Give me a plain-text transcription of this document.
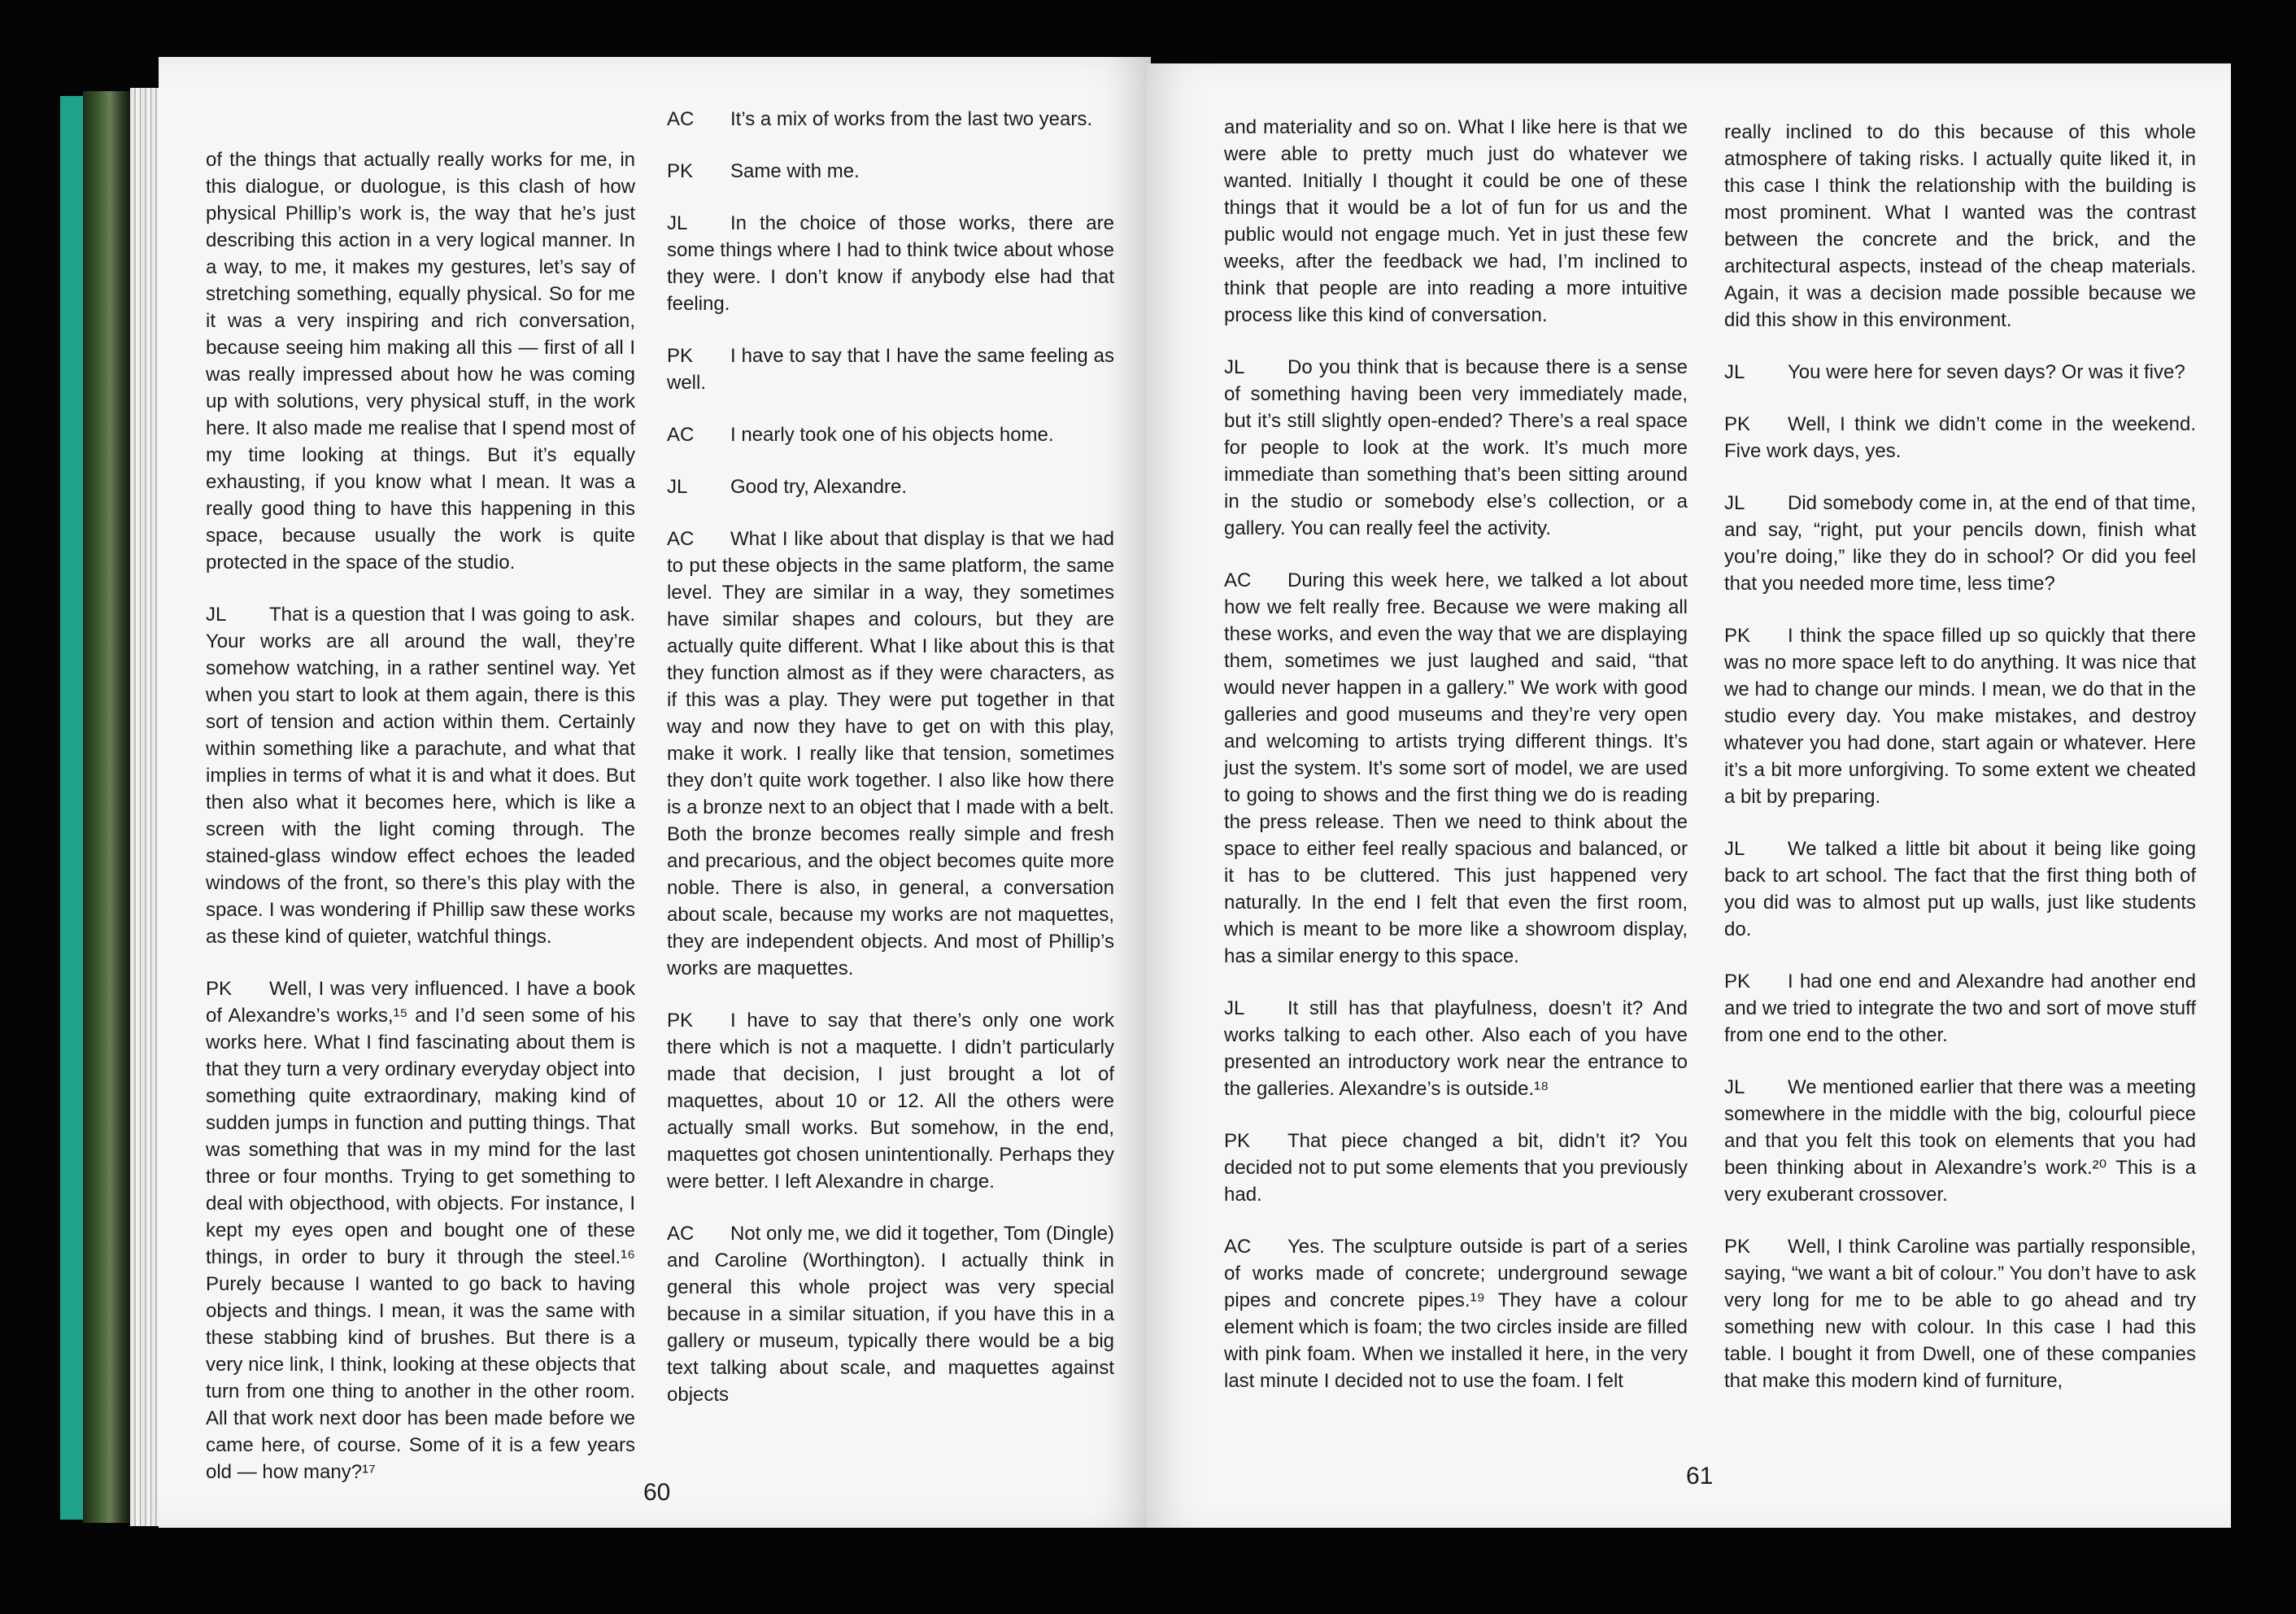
of the things that actually really works for me, in this dialogue, or duologue, is this clash of how physical Phillip’s work is, the way that he’s just describing this action in a very logical manner. In a way, to me, it makes my gestures, let’s say of stretching something, equally physical. So for me it was a very inspiring and rich conversation, because seeing him making all this — first of all I was really impressed about how he was coming up with solutions, very physical stuff, in the work here. It also made me realise that I spend most of my time looking at things. But it’s equally exhausting, if you know what I mean. It was a really good thing to have this happening in this space, because usually the work is quite protected in the space of the studio.

JL That is a question that I was going to ask. Your works are all around the wall, they’re somehow watching, in a rather sentinel way. Yet when you start to look at them again, there is this sort of tension and action within them. Certainly within something like a parachute, and what that implies in terms of what it is and what it does. But then also what it becomes here, which is like a screen with the light coming through. The stained-glass window effect echoes the leaded windows of the front, so there’s this play with the space. I was wondering if Phillip saw these works as these kind of quieter, watchful things.

PK Well, I was very influenced. I have a book of Alexandre’s works,¹⁵ and I’d seen some of his works here. What I find fascinating about them is that they turn a very ordinary everyday object into something quite extraordinary, making kind of sudden jumps in function and putting things. That was something that was in my mind for the last three or four months. Trying to get something to deal with objecthood, with objects. For instance, I kept my eyes open and bought one of these things, in order to bury it through the steel.¹⁶ Purely because I wanted to go back to having objects and things. I mean, it was the same with these stabbing kind of brushes. But there is a very nice link, I think, looking at these objects that turn from one thing to another in the other room. All that work next door has been made before we came here, of course. Some of it is a few years old — how many?¹⁷

AC It’s a mix of works from the last two years.

PK Same with me.

JL In the choice of those works, there are some things where I had to think twice about whose they were. I don’t know if anybody else had that feeling.

PK I have to say that I have the same feeling as well.

AC I nearly took one of his objects home.

JL Good try, Alexandre.

AC What I like about that display is that we had to put these objects in the same platform, the same level. They are similar in a way, they sometimes have similar shapes and colours, but they are actually quite different. What I like about this is that they function almost as if they were characters, as if this was a play. They were put together in that way and now they have to get on with this play, make it work. I really like that tension, sometimes they don’t quite work together. I also like how there is a bronze next to an object that I made with a belt. Both the bronze becomes really simple and fresh and precarious, and the object becomes quite more noble. There is also, in general, a conversation about scale, because my works are not maquettes, they are independent objects. And most of Phillip’s works are maquettes.

PK I have to say that there’s only one work there which is not a maquette. I didn’t particularly made that decision, I just brought a lot of maquettes, about 10 or 12. All the others were actually small works. But somehow, in the end, maquettes got chosen unintentionally. Perhaps they were better. I left Alexandre in charge.

AC Not only me, we did it together, Tom (Dingle) and Caroline (Worthington). I actually think in general this whole project was very special because in a similar situation, if you have this in a gallery or museum, typically there would be a big text talking about scale, and maquettes against objects

60

and materiality and so on. What I like here is that we were able to pretty much just do whatever we wanted. Initially I thought it could be one of these things that it would be a lot of fun for us and the public would not engage much. Yet in just these few weeks, after the feedback we had, I’m inclined to think that people are into reading a more intuitive process like this kind of conversation.

JL Do you think that is because there is a sense of something having been very immediately made, but it’s still slightly open-ended? There’s a real space for people to look at the work. It’s much more immediate than something that’s been sitting around in the studio or somebody else’s collection, or a gallery. You can really feel the activity.

AC During this week here, we talked a lot about how we felt really free. Because we were making all these works, and even the way that we are displaying them, sometimes we just laughed and said, “that would never happen in a gallery.” We work with good galleries and good museums and they’re very open and welcoming to artists trying different things. It’s just the system. It’s some sort of model, we are used to going to shows and the first thing we do is reading the press release. Then we need to think about the space to either feel really spacious and balanced, or it has to be cluttered. This just happened very naturally. In the end I felt that even the first room, which is meant to be more like a showroom display, has a similar energy to this space.

JL It still has that playfulness, doesn’t it? And works talking to each other. Also each of you have presented an introductory work near the entrance to the galleries. Alexandre’s is outside.¹⁸

PK That piece changed a bit, didn’t it? You decided not to put some elements that you previously had.

AC Yes. The sculpture outside is part of a series of works made of concrete; underground sewage pipes and concrete pipes.¹⁹ They have a colour element which is foam; the two circles inside are filled with pink foam. When we installed it here, in the very last minute I decided not to use the foam. I felt

really inclined to do this because of this whole atmosphere of taking risks. I actually quite liked it, in this case I think the relationship with the building is most prominent. What I wanted was the contrast between the concrete and the brick, and the architectural aspects, instead of the cheap materials. Again, it was a decision made possible because we did this show in this environment.

JL You were here for seven days? Or was it five?

PK Well, I think we didn’t come in the weekend. Five work days, yes.

JL Did somebody come in, at the end of that time, and say, “right, put your pencils down, finish what you’re doing,” like they do in school? Or did you feel that you needed more time, less time?

PK I think the space filled up so quickly that there was no more space left to do anything. It was nice that we had to change our minds. I mean, we do that in the studio every day. You make mistakes, and destroy whatever you had done, start again or whatever. Here it’s a bit more unforgiving. To some extent we cheated a bit by preparing.

JL We talked a little bit about it being like going back to art school. The fact that the first thing both of you did was to almost put up walls, just like students do.

PK I had one end and Alexandre had another end and we tried to integrate the two and sort of move stuff from one end to the other.

JL We mentioned earlier that there was a meeting somewhere in the middle with the big, colourful piece and that you felt this took on elements that you had been thinking about in Alexandre’s work.²⁰ This is a very exuberant crossover.

PK Well, I think Caroline was partially responsible, saying, “we want a bit of colour.” You don’t have to ask very long for me to be able to go ahead and try something new with colour. In this case I had this table. I bought it from Dwell, one of these companies that make this modern kind of furniture,

61
